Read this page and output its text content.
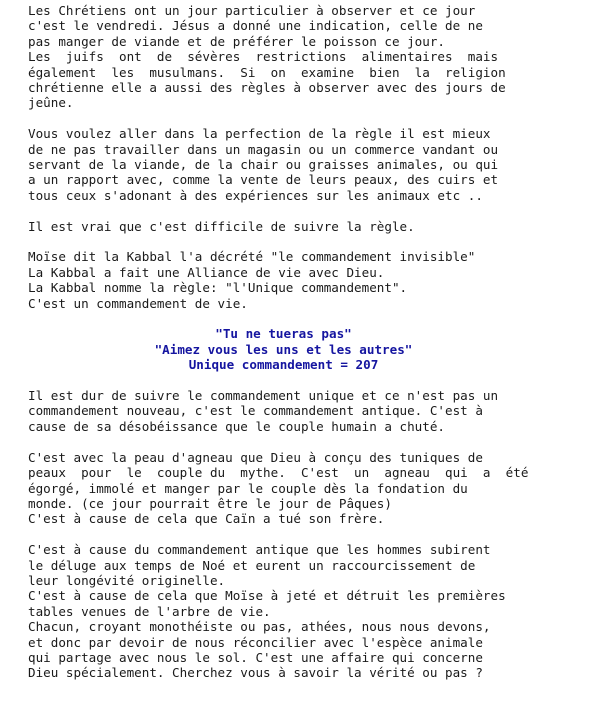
Les Chrétiens ont un jour particulier à observer et ce jour
c'est le vendredi. Jésus a donné une indication, celle de ne
pas manger de viande et de préférer le poisson ce jour.
Les  juifs  ont  de  sévères  restrictions  alimentaires  mais
également  les  musulmans.  Si  on  examine  bien  la  religion
chrétienne elle a aussi des règles à observer avec des jours de
jeûne.
Vous voulez aller dans la perfection de la règle il est mieux
de ne pas travailler dans un magasin ou un commerce vandant ou
servant de la viande, de la chair ou graisses animales, ou qui
a un rapport avec, comme la vente de leurs peaux, des cuirs et
tous ceux s'adonant à des expériences sur les animaux etc ..
Il est vrai que c'est difficile de suivre la règle.
Moïse dit la Kabbal l'a décrété "le commandement invisible"
La Kabbal a fait une Alliance de vie avec Dieu.
La Kabbal nomme la règle: "l'Unique commandement".
C'est un commandement de vie.
"Tu ne tueras pas"
"Aimez vous les uns et les autres"
Unique commandement = 207
Il est dur de suivre le commandement unique et ce n'est pas un
commandement nouveau, c'est le commandement antique. C'est à
cause de sa désobéissance que le couple humain a chuté.
C'est avec la peau d'agneau que Dieu à conçu des tuniques de
peaux  pour  le  couple du  mythe.  C'est  un  agneau  qui  a  été
égorgé, immolé et manger par le couple dès la fondation du
monde. (ce jour pourrait être le jour de Pâques)
C'est à cause de cela que Caïn a tué son frère.
C'est à cause du commandement antique que les hommes subirent
le déluge aux temps de Noé et eurent un raccourcissement de
leur longévité originelle.
C'est à cause de cela que Moïse à jeté et détruit les premières
tables venues de l'arbre de vie.
Chacun, croyant monothéiste ou pas, athées, nous nous devons,
et donc par devoir de nous réconcilier avec l'espèce animale
qui partage avec nous le sol. C'est une affaire qui concerne
Dieu spécialement. Cherchez vous à savoir la vérité ou pas ?
